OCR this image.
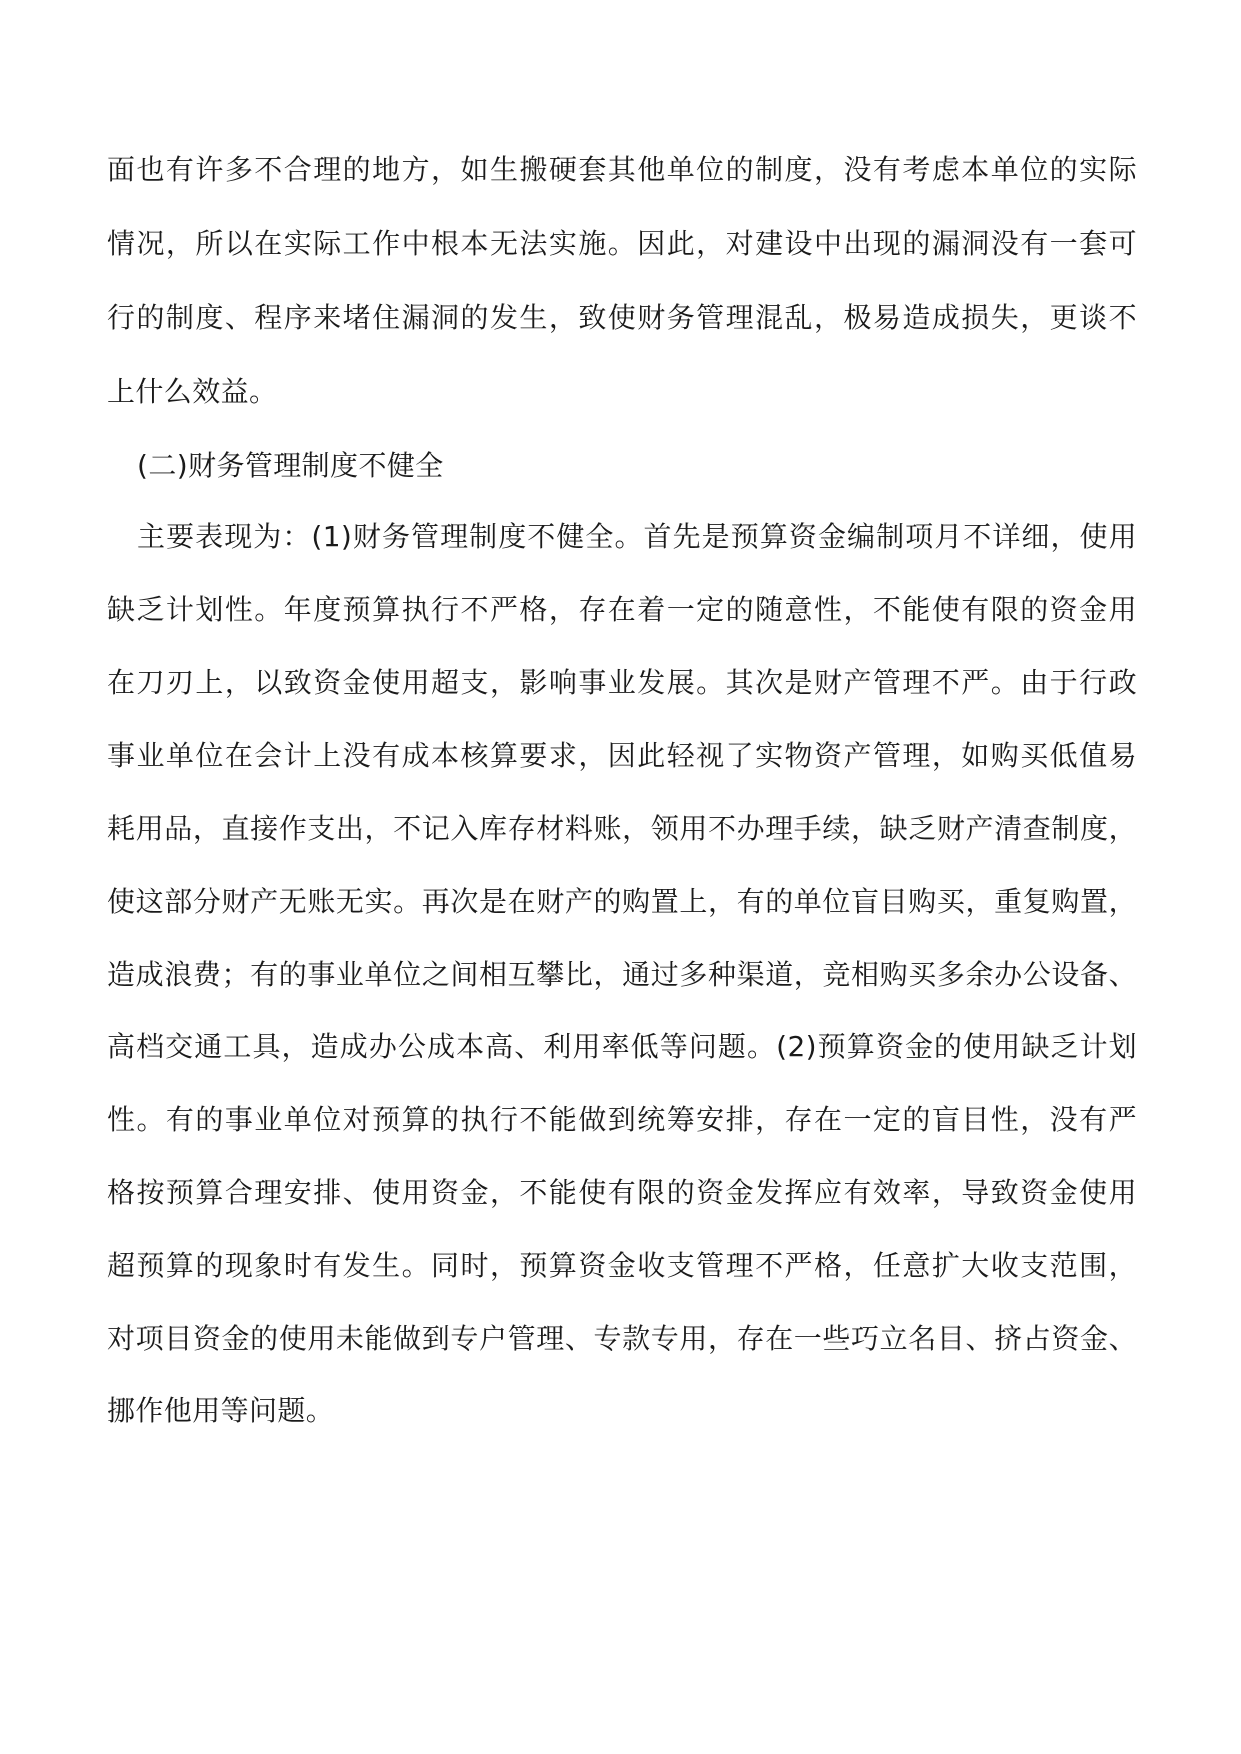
面也有许多不合理的地方，如生搬硬套其他单位的制度，没有考虑本单位的实际
情况，所以在实际工作中根本无法实施。因此，对建设中出现的漏洞没有一套可
行的制度、程序来堵住漏洞的发生，致使财务管理混乱，极易造成损失，更谈不
上什么效益。
(二)财务管理制度不健全
主要表现为：(1)财务管理制度不健全。首先是预算资金编制项月不详细，使用
缺乏计划性。年度预算执行不严格，存在着一定的随意性，不能使有限的资金用
在刀刃上，以致资金使用超支，影响事业发展。其次是财产管理不严。由于行政
事业单位在会计上没有成本核算要求，因此轻视了实物资产管理，如购买低值易
耗用品，直接作支出，不记入库存材料账，领用不办理手续，缺乏财产清查制度，
使这部分财产无账无实。再次是在财产的购置上，有的单位盲目购买，重复购置，
造成浪费；有的事业单位之间相互攀比，通过多种渠道，竞相购买多余办公设备、
高档交通工具，造成办公成本高、利用率低等问题。(2)预算资金的使用缺乏计划
性。有的事业单位对预算的执行不能做到统筹安排，存在一定的盲目性，没有严
格按预算合理安排、使用资金，不能使有限的资金发挥应有效率，导致资金使用
超预算的现象时有发生。同时，预算资金收支管理不严格，任意扩大收支范围，
对项目资金的使用未能做到专户管理、专款专用，存在一些巧立名目、挤占资金、
挪作他用等问题。
